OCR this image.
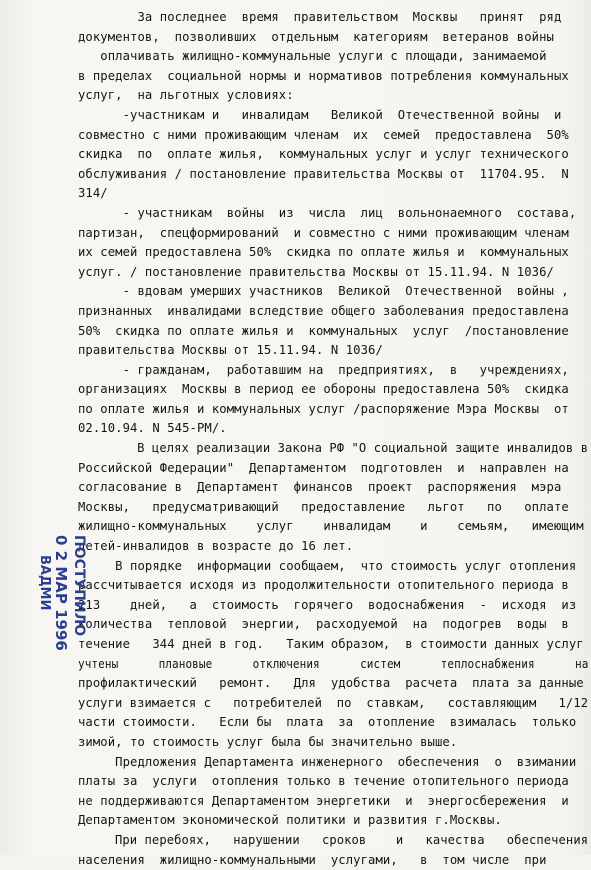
За последнее  время  правительством  Москвы   принят  ряд
документов,  позволивших  отдельным  категориям  ветеранов войны
оплачивать жилищно-коммунальные услуги с площади, занимаемой
в пределах  социальной нормы и нормативов потребления коммунальных
услуг,  на льготных условиях:
-участникам и   инвалидам   Великой  Отечественной войны  и
совместно с ними проживающим членам  их  семей  предоставлена  50%
скидка  по  оплате жилья,  коммунальных услуг и услуг технического
обслуживания / постановление правительства Москвы от  11704.95.  N
314/
- участникам  войны  из  числа  лиц  вольнонаемного  состава,
партизан,  спецформирований  и совместно с ними проживающим членам
их семей предоставлена 50%  скидка по оплате жилья и  коммунальных
услуг. / постановление правительства Москвы от 15.11.94. N 1036/
- вдовам умерших участников  Великой  Отечественной  войны ,
признанных  инвалидами вследствие общего заболевания предоставлена
50%  скидка по оплате жилья и  коммунальных  услуг  /постановление
правительства Москвы от 15.11.94. N 1036/
- гражданам,  работавшим на  предприятиях,  в   учреждениях,
организациях  Москвы в период ее обороны предоставлена 50%  скидка
по оплате жилья и коммунальных услуг /распоряжение Мэра Москвы  от
02.10.94. N 545-РМ/.
В целях реализации Закона РФ "О социальной защите инвалидов в
Российской Федерации"  Департаментом  подготовлен  и  направлен на
согласование в  Департамент  финансов  проект  распоряжения  мэра
Москвы,   предусматривающий   предоставление   льгот   по   оплате
жилищно-коммунальных    услуг    инвалидам    и    семьям,   имеющим
детей-инвалидов в возрасте до 16 лет.
В порядке  информации сообщаем,  что стоимость услуг отопления
рассчитывается исходя из продолжительности отопительного периода в
213    дней,   а  стоимость  горячего  водоснабжения  -  исходя  из
количества  тепловой  энергии,  расходуемой  на  подогрев  воды  в
течение   344 дней в год.   Таким образом,  в стоимости данных услуг
учтены      плановые      отключения      систем      теплоснабжения      на
профилактический   ремонт.   Для  удобства  расчета  плата за данные
услуги взимается с   потребителей  по  ставкам,   составляющим   1/12
части стоимости.   Если бы  плата  за  отопление  взималась  только
зимой, то стоимость услуг была бы значительно выше.
Предложения Департамента инженерного  обеспечения  о  взимании
платы за  услуги  отопления только в течение отопительного периода
не поддерживаются Департаментом энергетики  и  энергосбережения  и
Департаментом экономической политики и развития г.Москвы.
При перебоях,   нарушении   сроков    и   качества   обеспечения
населения  жилищно-коммунальными  услугами,   в  том числе  при
ПОСТУПИЛО
0 2 МАР 1996
ВАДМИ
